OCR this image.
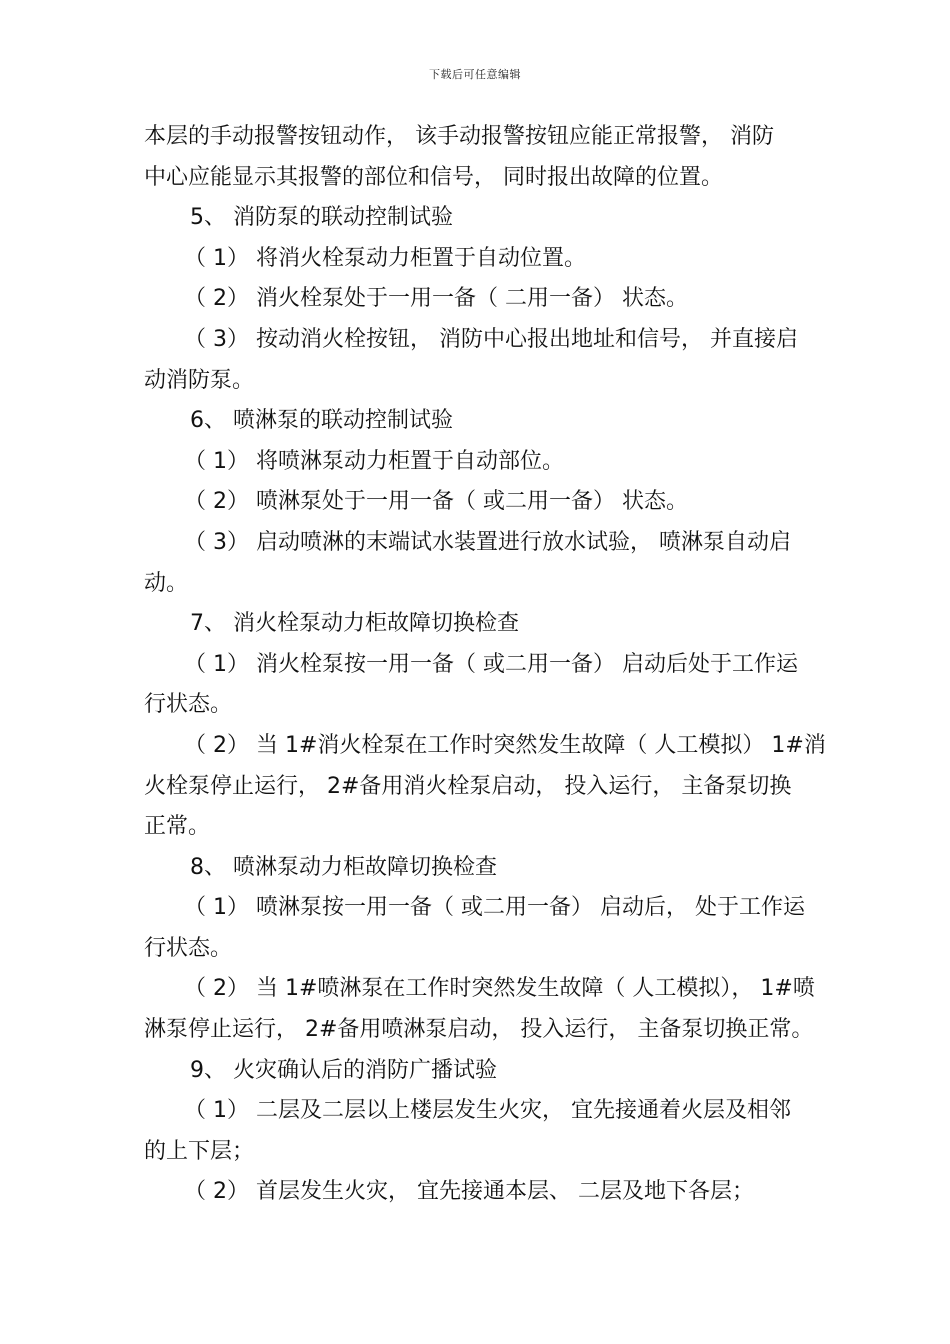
下载后可任意编辑
本层的手动报警按钮动作， 该手动报警按钮应能正常报警， 消防
中心应能显示其报警的部位和信号， 同时报出故障的位置。
5、 消防泵的联动控制试验
（ 1） 将消火栓泵动力柜置于自动位置。
（ 2） 消火栓泵处于一用一备（ 二用一备） 状态。
（ 3） 按动消火栓按钮， 消防中心报出地址和信号， 并直接启
动消防泵。
6、 喷淋泵的联动控制试验
（ 1） 将喷淋泵动力柜置于自动部位。
（ 2） 喷淋泵处于一用一备（ 或二用一备） 状态。
（ 3） 启动喷淋的末端试水装置进行放水试验， 喷淋泵自动启
动。
7、 消火栓泵动力柜故障切换检查
（ 1） 消火栓泵按一用一备（ 或二用一备） 启动后处于工作运
行状态。
（ 2） 当 1#消火栓泵在工作时突然发生故障（ 人工模拟） 1#消
火栓泵停止运行， 2#备用消火栓泵启动， 投入运行， 主备泵切换
正常。
8、 喷淋泵动力柜故障切换检查
（ 1） 喷淋泵按一用一备（ 或二用一备） 启动后， 处于工作运
行状态。
（ 2） 当 1#喷淋泵在工作时突然发生故障（ 人工模拟）， 1#喷
淋泵停止运行， 2#备用喷淋泵启动， 投入运行， 主备泵切换正常。
9、 火灾确认后的消防广播试验
（ 1） 二层及二层以上楼层发生火灾， 宜先接通着火层及相邻
的上下层；
（ 2） 首层发生火灾， 宜先接通本层、 二层及地下各层；
